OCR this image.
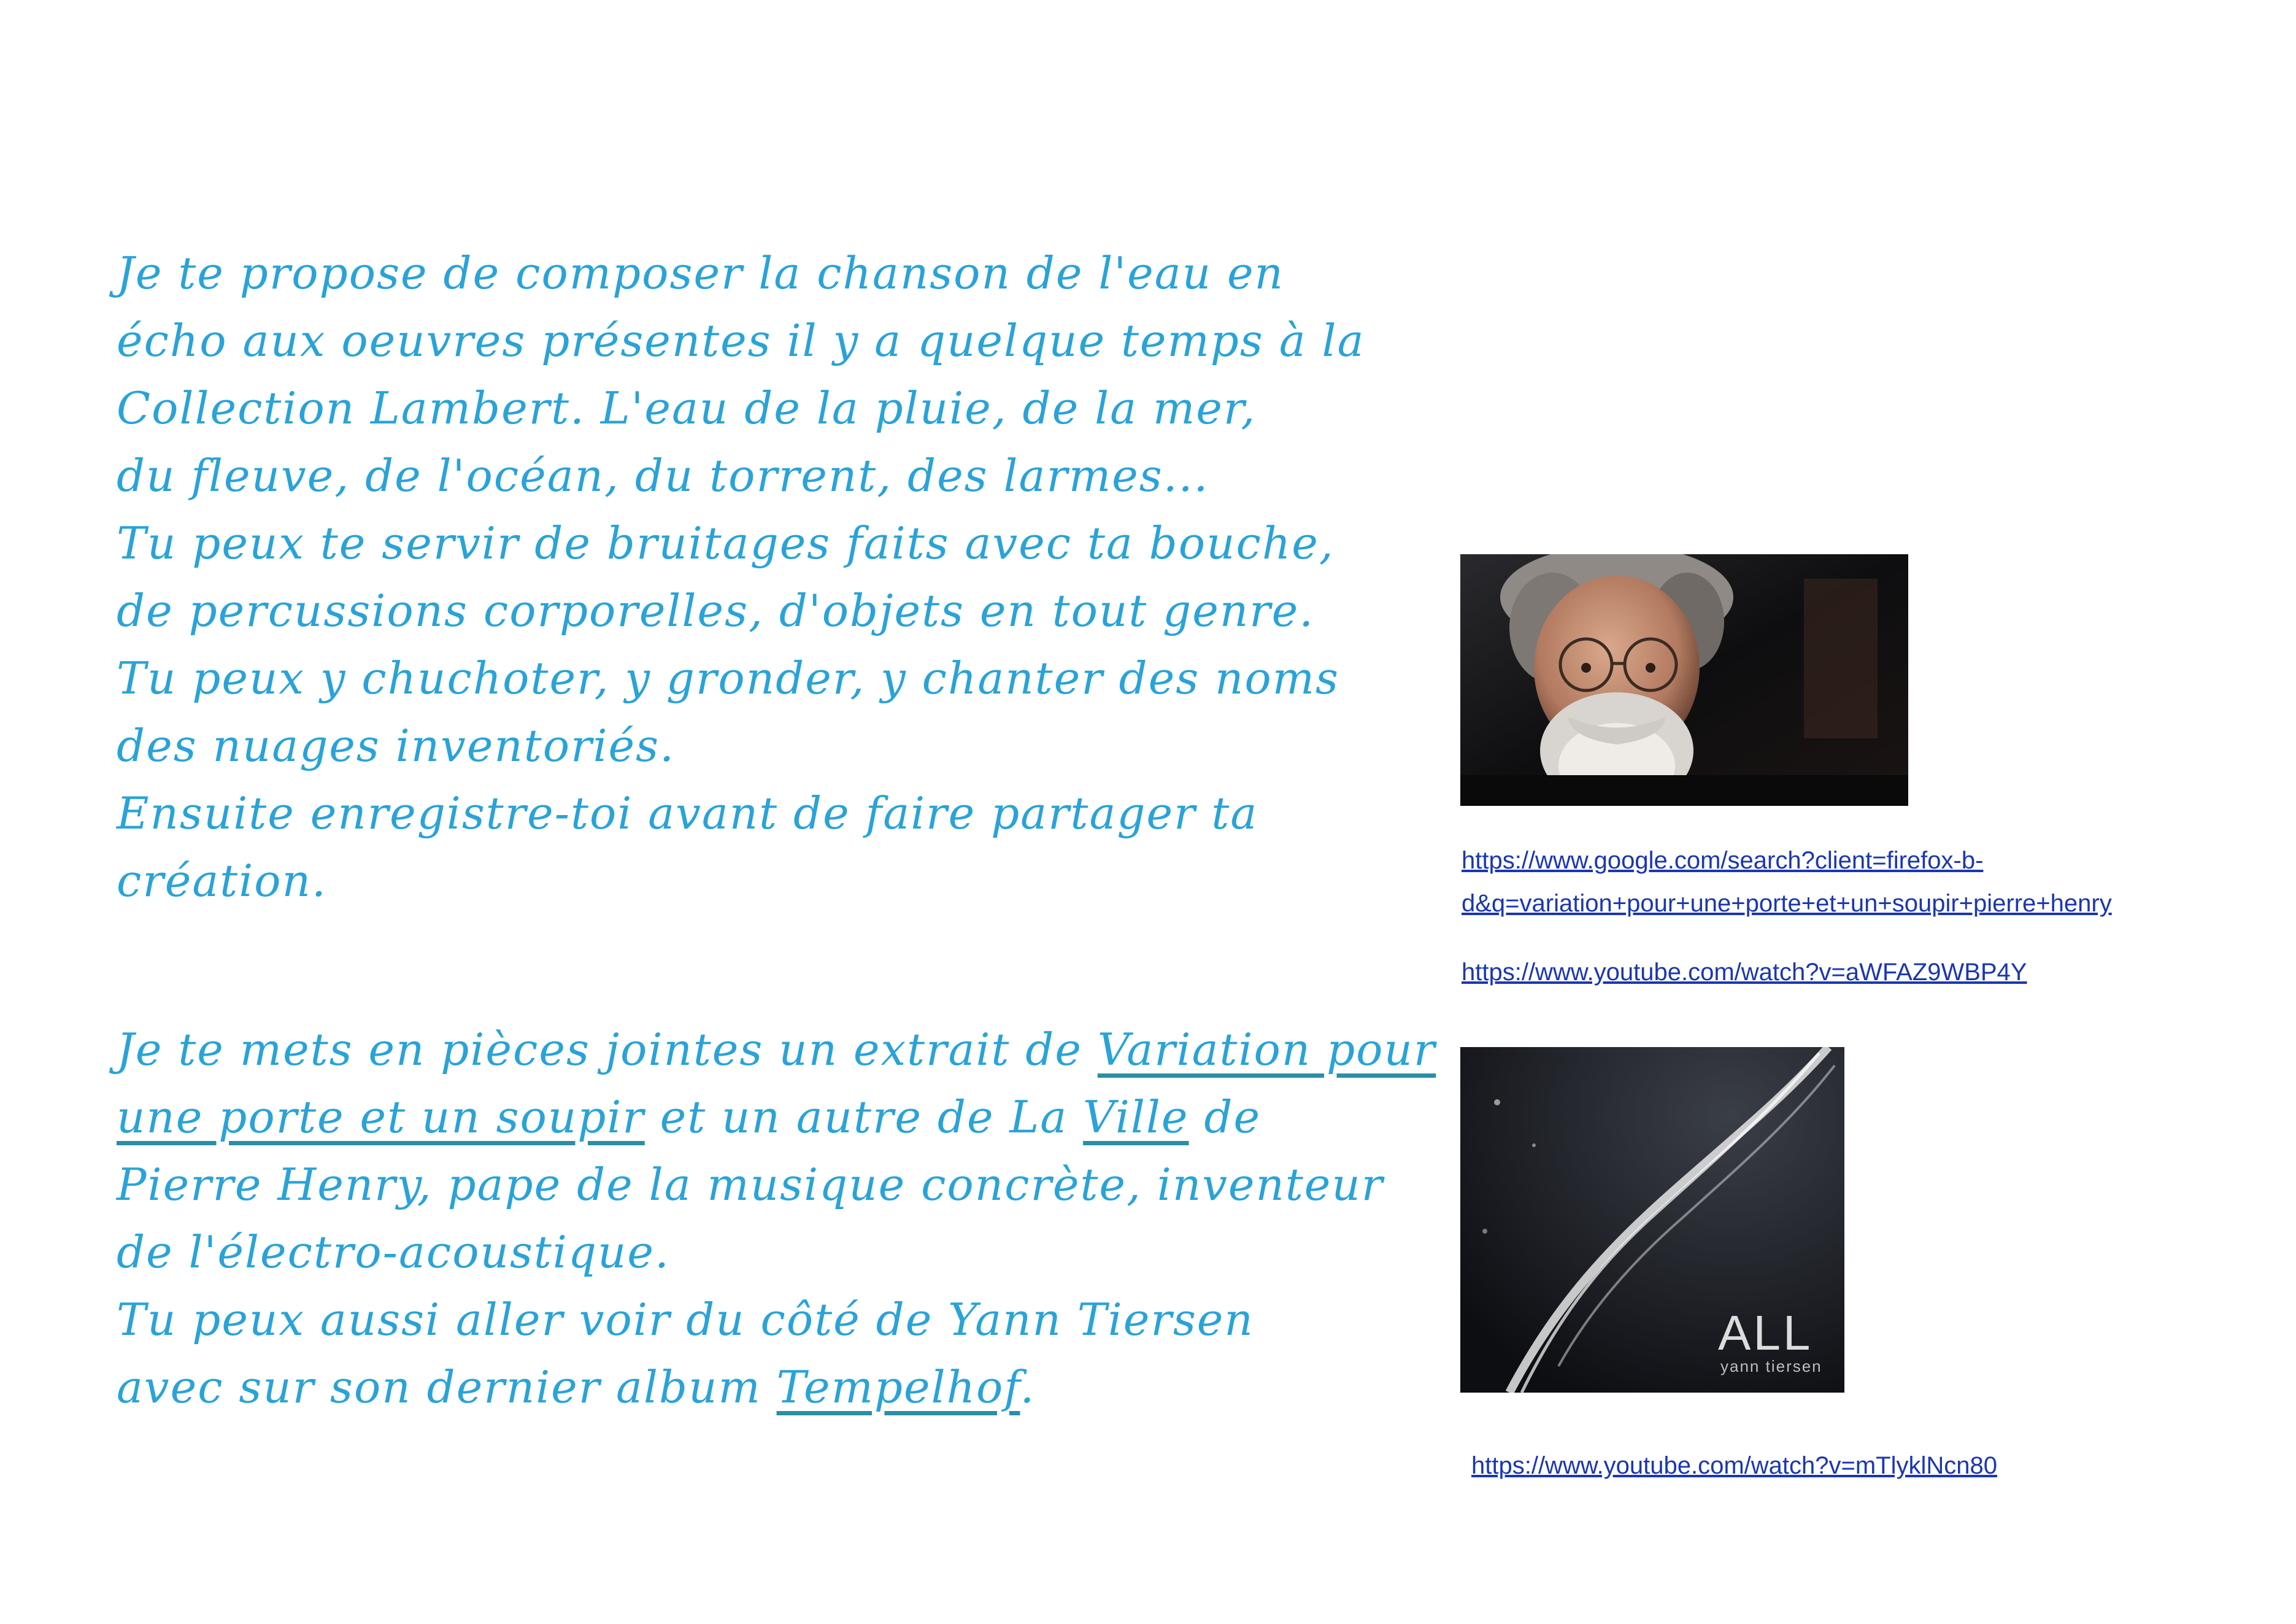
Je te propose de composer la chanson de l'eau en
écho aux oeuvres présentes il y a quelque temps à la
Collection Lambert. L'eau de la pluie, de la mer,
du fleuve, de l'océan, du torrent, des larmes...
Tu peux te servir de bruitages faits avec ta bouche,
de percussions corporelles, d'objets en tout genre.
Tu peux y chuchoter, y gronder, y chanter des noms
des nuages inventoriés.
Ensuite enregistre-toi avant de faire partager ta
création.
Je te mets en pièces jointes un extrait de Variation pour
une porte et un soupir et un autre de La Ville de
Pierre Henry, pape de la musique concrète, inventeur
de l'électro-acoustique.
Tu peux aussi aller voir du côté de Yann Tiersen
avec sur son dernier album Tempelhof.
https://www.google.com/search?client=firefox-b-
d&q=variation+pour+une+porte+et+un+soupir+pierre+henry
https://www.youtube.com/watch?v=aWFAZ9WBP4Y
ALL
yann tiersen
https://www.youtube.com/watch?v=mTlyklNcn80
